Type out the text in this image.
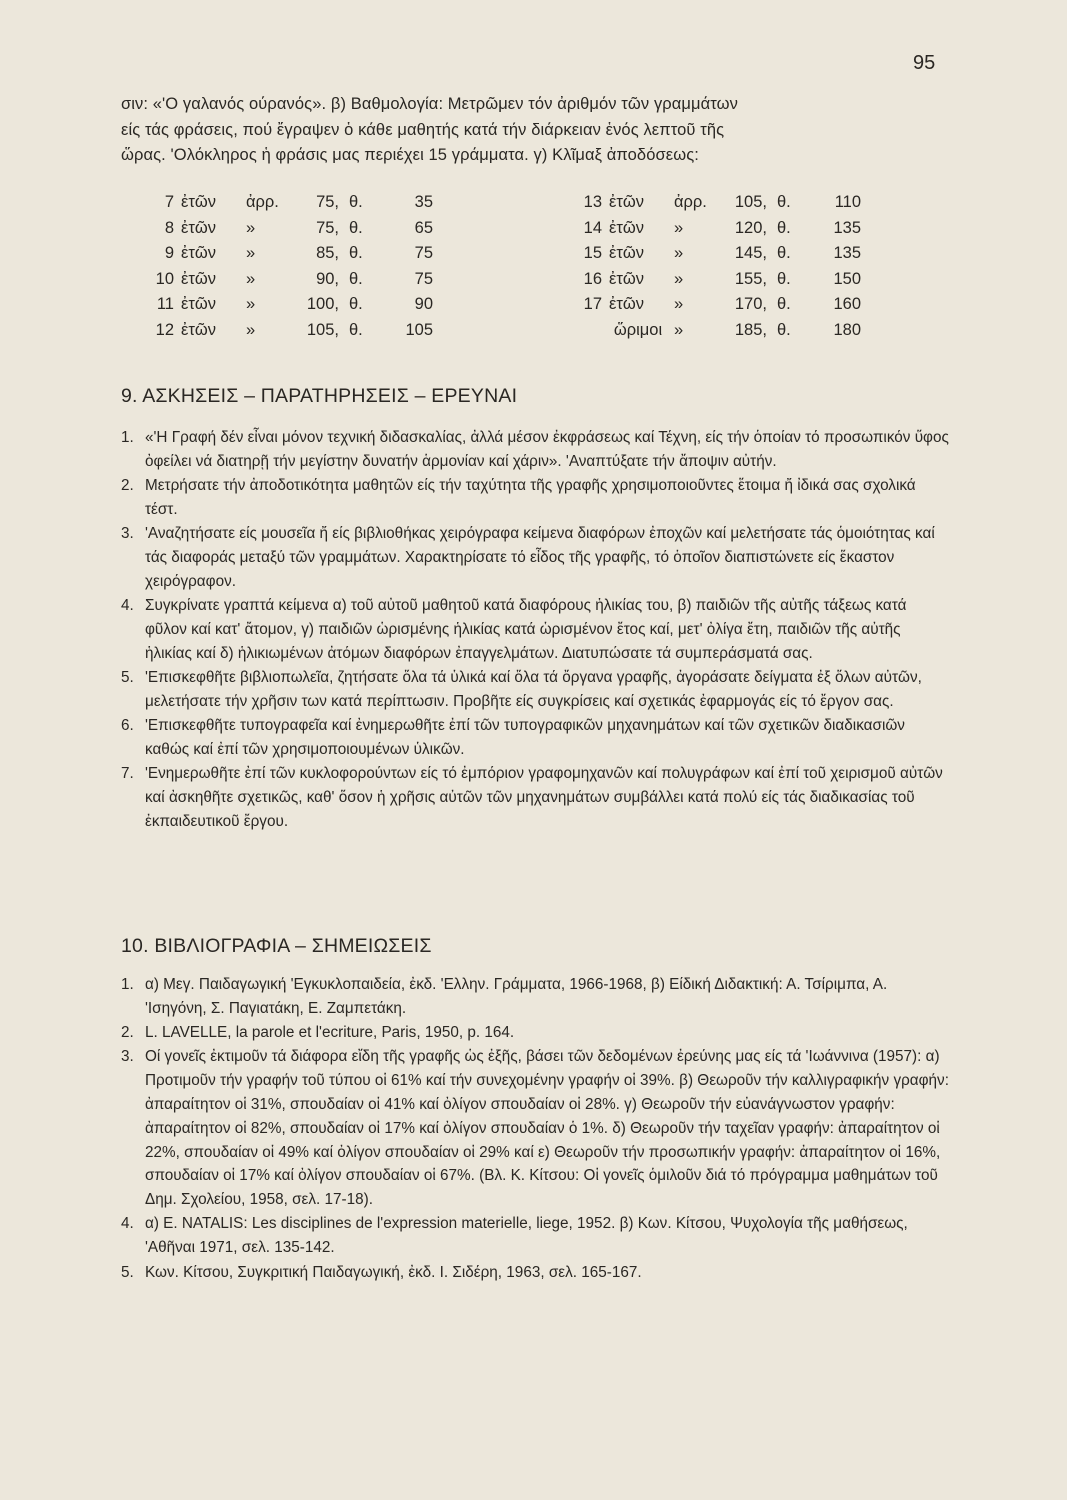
95

σιν: «'Ο γαλανός ούρανός». β) Βαθμολογία: Μετρῶμεν τόν ἀριθμόν τῶν γραμμάτων

είς τάς φράσεις, πού ἔγραψεν ὁ κάθε μαθητής κατά τήν διάρκειαν ἑνός λεπτοῦ τῆς

ὥρας. 'Ολόκληρος ἡ φράσις μας περιέχει 15 γράμματα. γ) Κλῖμαξ ἀποδόσεως:

7 ἐτῶν	ἀρρ.	75, θ.	35
8 ἐτῶν	»	75, θ.	65
9 ἐτῶν	»	85, θ.	75
10 ἐτῶν	»	90, θ.	75
11 ἐτῶν	»	100, θ.	90
12 ἐτῶν	»	105, θ.	105
13 ἐτῶν	ἀρρ.	105, θ.	110
14 ἐτῶν	»	120, θ.	135
15 ἐτῶν	»	145, θ.	135
16 ἐτῶν	»	155, θ.	150
17 ἐτῶν	»	170, θ.	160
ὥριμοι »	185, θ.	180
9. ΑΣΚΗΣΕΙΣ – ΠΑΡΑΤΗΡΗΣΕΙΣ – ΕΡΕΥΝΑΙ
1. «'Η Γραφή δέν εἶναι μόνον τεχνική διδασκαλίας, ἀλλά μέσον ἐκφράσεως καί Τέχνη, είς τήν ὁποίαν τό προσωπικόν ὕφος ὀφείλει νά διατηρῇ τήν μεγίστην δυνατήν ἁρμονίαν καί χάριν». 'Αναπτύξατε τήν ἄποψιν αὐτήν.
2. Μετρήσατε τήν ἀποδοτικότητα μαθητῶν είς τήν ταχύτητα τῆς γραφῆς χρησιμοποιοῦντες ἕτοιμα ἤ ἰδικά σας σχολικά τέστ.
3. 'Αναζητήσατε είς μουσεῖα ἤ είς βιβλιοθήκας χειρόγραφα κείμενα διαφόρων ἐποχῶν καί μελετήσατε τάς ὁμοιότητας καί τάς διαφοράς μεταξύ τῶν γραμμάτων. Χαρακτηρίσατε τό εἶδος τῆς γραφῆς, τό ὁποῖον διαπιστώνετε είς ἕκαστον χειρόγραφον.
4. Συγκρίνατε γραπτά κείμενα α) τοῦ αὐτοῦ μαθητοῦ κατά διαφόρους ἡλικίας του, β) παιδιῶν τῆς αὐτῆς τάξεως κατά φῦλον καί κατ' ἄτομον, γ) παιδιῶν ὡρισμένης ἡλικίας κατά ὡρισμένον ἔτος καί, μετ' ὀλίγα ἔτη, παιδιῶν τῆς αὐτῆς ἡλικίας καί δ) ἡλικιωμένων ἀτόμων διαφόρων ἐπαγγελμάτων. Διατυπώσατε τά συμπεράσματά σας.
5. 'Επισκεφθῆτε βιβλιοπωλεῖα, ζητήσατε ὅλα τά ὑλικά καί ὅλα τά ὄργανα γραφῆς, ἀγοράσατε δείγματα ἐξ ὅλων αὐτῶν, μελετήσατε τήν χρῆσιν των κατά περίπτωσιν. Προβῆτε είς συγκρίσεις καί σχετικάς ἐφαρμογάς είς τό ἔργον σας.
6. 'Επισκεφθῆτε τυπογραφεῖα καί ἐνημερωθῆτε ἐπί τῶν τυπογραφικῶν μηχανημάτων καί τῶν σχετικῶν διαδικασιῶν καθώς καί ἐπί τῶν χρησιμοποιουμένων ὑλικῶν.
7. 'Ενημερωθῆτε ἐπί τῶν κυκλοφορούντων είς τό ἐμπόριον γραφομηχανῶν καί πολυγράφων καί ἐπί τοῦ χειρισμοῦ αὐτῶν καί ἀσκηθῆτε σχετικῶς, καθ' ὅσον ἡ χρῆσις αὐτῶν τῶν μηχανημάτων συμβάλλει κατά πολύ είς τάς διαδικασίας τοῦ ἐκπαιδευτικοῦ ἔργου.
10. ΒΙΒΛΙΟΓΡΑΦΙΑ – ΣΗΜΕΙΩΣΕΙΣ
1. α) Μεγ. Παιδαγωγική 'Εγκυκλοπαιδεία, ἐκδ. 'Ελλην. Γράμματα, 1966-1968, β) Είδική Διδακτική: Α. Τσίριμπα, Α. 'Ισηγόνη, Σ. Παγιατάκη, Ε. Ζαμπετάκη.
2. L. LAVELLE, la parole et l'ecriture, Paris, 1950, p. 164.
3. Οί γονεῖς ἐκτιμοῦν τά διάφορα εἴδη τῆς γραφῆς ὡς ἐξῆς, βάσει τῶν δεδομένων ἐρεύνης μας είς τά 'Ιωάννινα (1957): α) Προτιμοῦν τήν γραφήν τοῦ τύπου οἱ 61% καί τήν συνεχομένην γραφήν οἱ 39%. β) Θεωροῦν τήν καλλιγραφικήν γραφήν: ἀπαραίτητον οἱ 31%, σπουδαίαν οἱ 41% καί ὀλίγον σπουδαίαν οἱ 28%. γ) Θεωροῦν τήν εὐανάγνωστον γραφήν: ἀπαραίτητον οἱ 82%, σπουδαίαν οἱ 17% καί ὀλίγον σπουδαίαν ὁ 1%. δ) Θεωροῦν τήν ταχεῖαν γραφήν: ἀπαραίτητον οἱ 22%, σπουδαίαν οἱ 49% καί ὀλίγον σπουδαίαν οἱ 29% καί ε) Θεωροῦν τήν προσωπικήν γραφήν: ἀπαραίτητον οἱ 16%, σπουδαίαν οἱ 17% καί ὀλίγον σπουδαίαν οἱ 67%. (Βλ. Κ. Κίτσου: Οἱ γονεῖς ὁμιλοῦν διά τό πρόγραμμα μαθημάτων τοῦ Δημ. Σχολείου, 1958, σελ. 17-18).
4. α) E. NATALIS: Les disciplines de l'expression materielle, liege, 1952. β) Κων. Κίτσου, Ψυχολογία τῆς μαθήσεως, 'Αθῆναι 1971, σελ. 135-142.
5. Κων. Κίτσου, Συγκριτική Παιδαγωγική, ἐκδ. Ι. Σιδέρη, 1963, σελ. 165-167.
